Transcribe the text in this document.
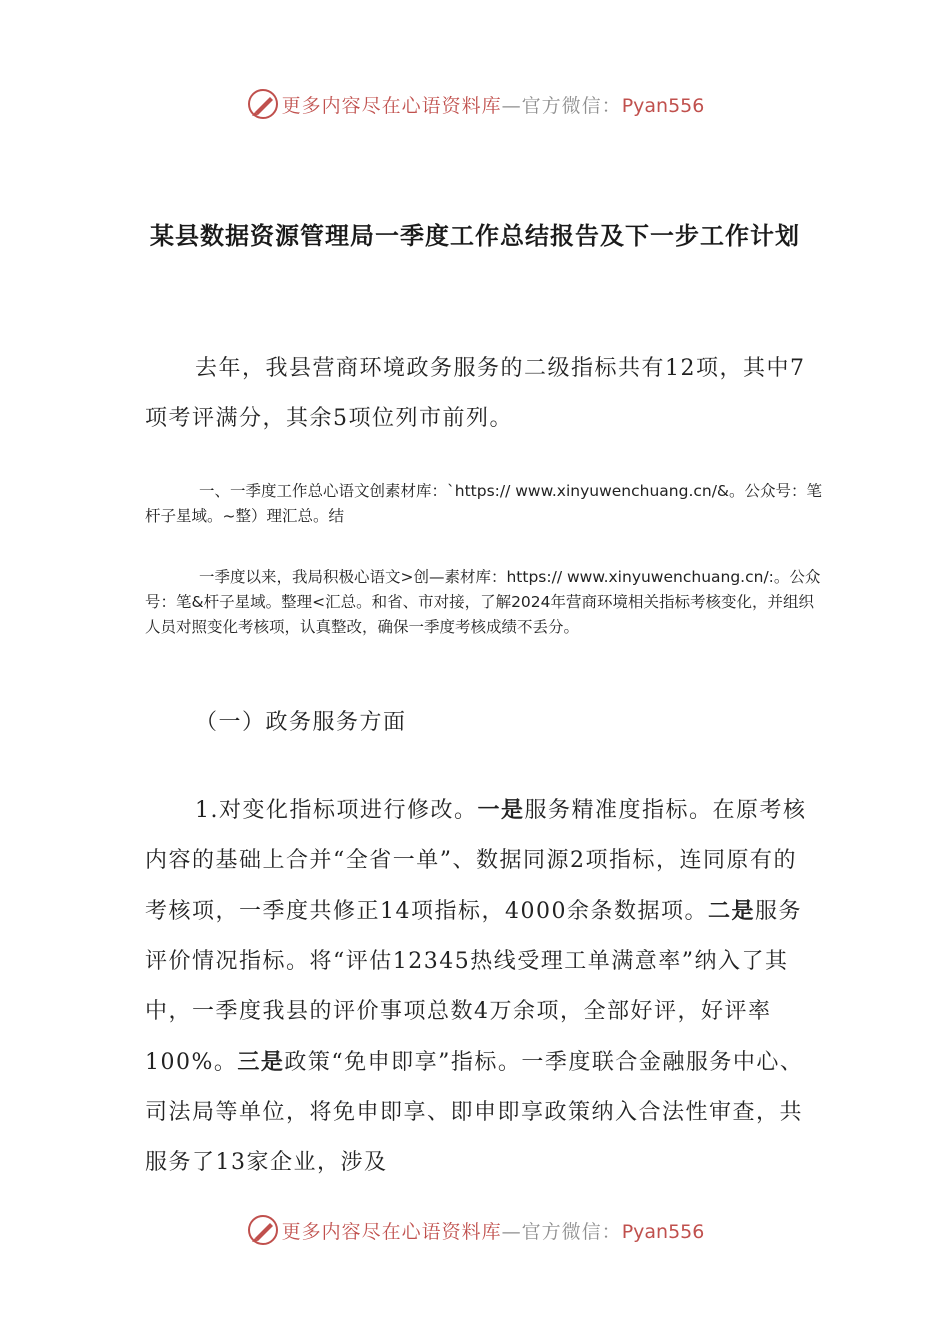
更多内容尽在心语资料库—官方微信：Pyan556
某县数据资源管理局一季度工作总结报告及下一步工作计划

去年，我县营商环境政务服务的二级指标共有12项，其中7项考评满分，其余5项位列市前列。

一、一季度工作总心语文创素材库：`https:// www.xinyuwenchuang.cn/&。公众号：笔杆子星域。~整）理汇总。结

一季度以来，我局积极心语文>创—素材库：https:// www.xinyuwenchuang.cn/:。公众号：笔&杆子星域。整理<汇总。和省、市对接，了解2024年营商环境相关指标考核变化，并组织人员对照变化考核项，认真整改，确保一季度考核成绩不丢分。

（一）政务服务方面

1.对变化指标项进行修改。一是服务精准度指标。在原考核内容的基础上合并“全省一单”、数据同源2项指标，连同原有的考核项，一季度共修正14项指标，4000余条数据项。二是服务评价情况指标。将“评估12345热线受理工单满意率”纳入了其中，一季度我县的评价事项总数4万余项，全部好评，好评率100%。三是政策“免申即享”指标。一季度联合金融服务中心、司法局等单位，将免申即享、即申即享政策纳入合法性审查，共服务了13家企业，涉及

更多内容尽在心语资料库—官方微信：Pyan556
